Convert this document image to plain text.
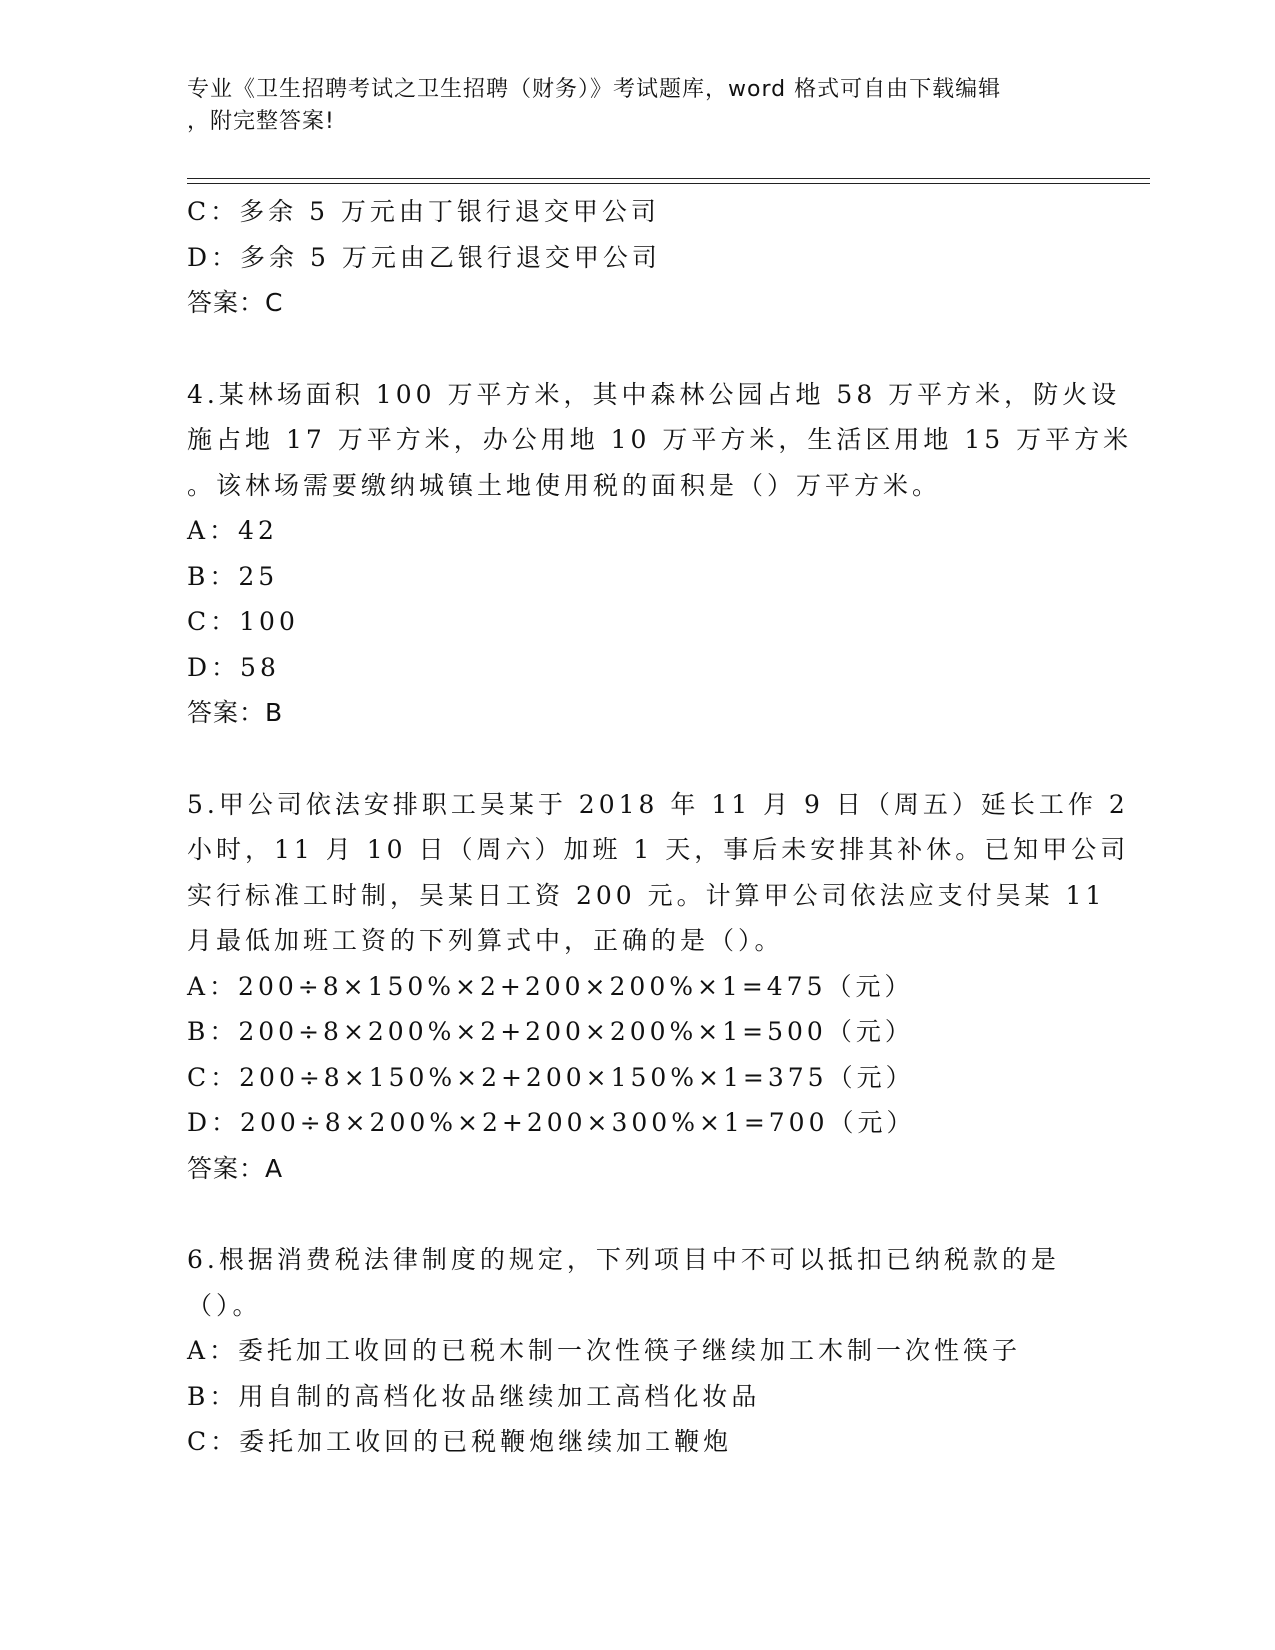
专业《卫生招聘考试之卫生招聘（财务）》考试题库，word 格式可自由下载编辑
，附完整答案!
C：多余 5 万元由丁银行退交甲公司
D：多余 5 万元由乙银行退交甲公司
答案：C
4.某林场面积 100 万平方米，其中森林公园占地 58 万平方米，防火设
施占地 17 万平方米，办公用地 10 万平方米，生活区用地 15 万平方米
。该林场需要缴纳城镇土地使用税的面积是（）万平方米。
A：42
B：25
C：100
D：58
答案：B
5.甲公司依法安排职工吴某于 2018 年 11 月 9 日（周五）延长工作 2
小时，11 月 10 日（周六）加班 1 天，事后未安排其补休。已知甲公司
实行标准工时制，吴某日工资 200 元。计算甲公司依法应支付吴某 11
月最低加班工资的下列算式中，正确的是（）。
A：200÷8×150%×2+200×200%×1=475（元）
B：200÷8×200%×2+200×200%×1=500（元）
C：200÷8×150%×2+200×150%×1=375（元）
D：200÷8×200%×2+200×300%×1=700（元）
答案：A
6.根据消费税法律制度的规定，下列项目中不可以抵扣已纳税款的是
（）。
A：委托加工收回的已税木制一次性筷子继续加工木制一次性筷子
B：用自制的高档化妆品继续加工高档化妆品
C：委托加工收回的已税鞭炮继续加工鞭炮
